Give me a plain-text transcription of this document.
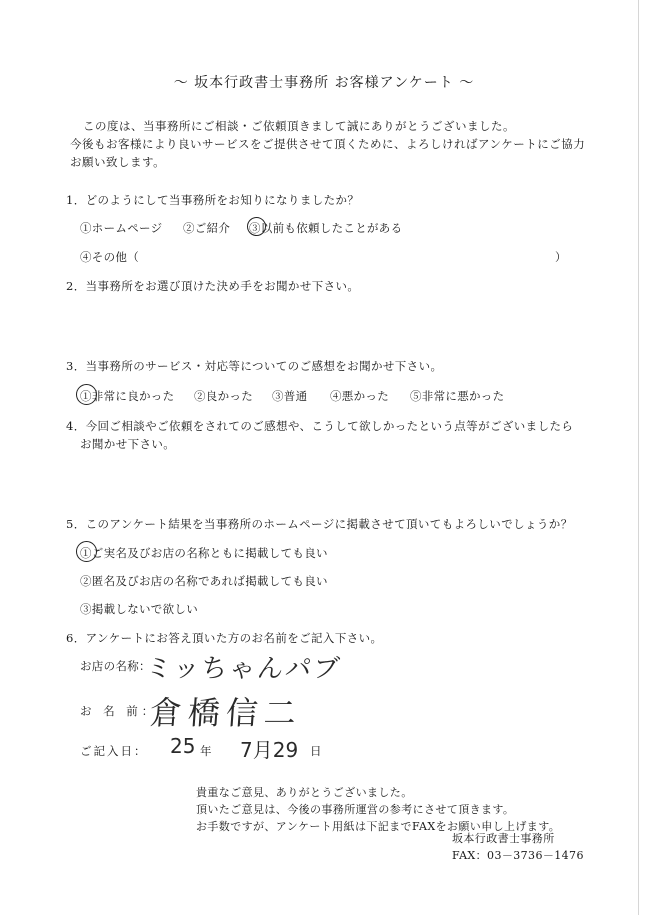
～ 坂本行政書士事務所 お客様アンケート ～
この度は、当事務所にご相談・ご依頼頂きまして誠にありがとうございました。
今後もお客様により良いサービスをご提供させて頂くために、よろしければアンケートにご協力
お願い致します。
1．どのようにして当事務所をお知りになりましたか？
①ホームページ ②ご紹介 ③以前も依頼したことがある
④その他（	）
2．当事務所をお選び頂けた決め手をお聞かせ下さい。
3．当事務所のサービス・対応等についてのご感想をお聞かせ下さい。
①非常に良かった ②良かった ③普通 ④悪かった ⑤非常に悪かった
4．今回ご相談やご依頼をされてのご感想や、こうして欲しかったという点等がございましたら
お聞かせ下さい。
5．このアンケート結果を当事務所のホームページに掲載させて頂いてもよろしいでしょうか？
①ご実名及びお店の名称ともに掲載しても良い
②匿名及びお店の名称であれば掲載しても良い
③掲載しないで欲しい
6．アンケートにお答え頂いた方のお名前をご記入下さい。
お店の名称：
ミッちゃんパブ
お 名 前：
倉橋信二
ご記入日： 25 年 7月29 日
貴重なご意見、ありがとうございました。
頂いたご意見は、今後の事務所運営の参考にさせて頂きます。
お手数ですが、アンケート用紙は下記までFAXをお願い申し上げます。
坂本行政書士事務所
FAX：03－3736－1476
